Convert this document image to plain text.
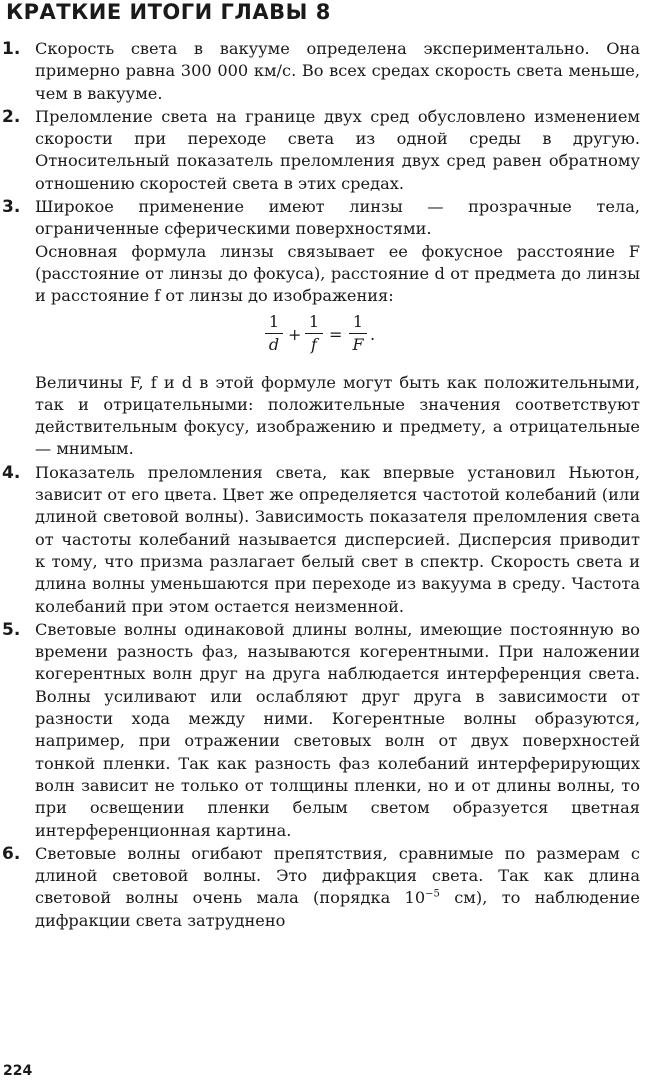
КРАТКИЕ ИТОГИ ГЛАВЫ 8
1. Скорость света в вакууме определена экспериментально. Она примерно равна 300 000 км/с. Во всех средах скорость света меньше, чем в вакууме.

2. Преломление света на границе двух сред обусловлено изменением скорости при переходе света из одной среды в другую. Относительный показатель преломления двух сред равен обратному отношению скоростей света в этих средах.

3. Широкое применение имеют линзы — прозрачные тела, ограниченные сферическими поверхностями.

Основная формула линзы связывает ее фокусное расстояние F (расстояние от линзы до фокуса), расстояние d от предмета до линзы и расстояние f от линзы до изображения:

1
d
+
1
f
=
1
F
.

Величины F, f и d в этой формуле могут быть как положительными, так и отрицательными: положительные значения соответствуют действительным фокусу, изображению и предмету, а отрицательные — мнимым.

4. Показатель преломления света, как впервые установил Ньютон, зависит от его цвета. Цвет же определяется частотой колебаний (или длиной световой волны). Зависимость показателя преломления света от частоты колебаний называется дисперсией. Дисперсия приводит к тому, что призма разлагает белый свет в спектр. Скорость света и длина волны уменьшаются при переходе из вакуума в среду. Частота колебаний при этом остается неизменной.

5. Световые волны одинаковой длины волны, имеющие постоянную во времени разность фаз, называются когерентными. При наложении когерентных волн друг на друга наблюдается интерференция света. Волны усиливают или ослабляют друг друга в зависимости от разности хода между ними. Когерентные волны образуются, например, при отражении световых волн от двух поверхностей тонкой пленки. Так как разность фаз колебаний интерферирующих волн зависит не только от толщины пленки, но и от длины волны, то при освещении пленки белым светом образуется цветная интерференционная картина.

6. Световые волны огибают препятствия, сравнимые по размерам с длиной световой волны. Это дифракция света. Так как длина световой волны очень мала (порядка $10^{-5}$ см), то наблюдение дифракции света затруднено

224
